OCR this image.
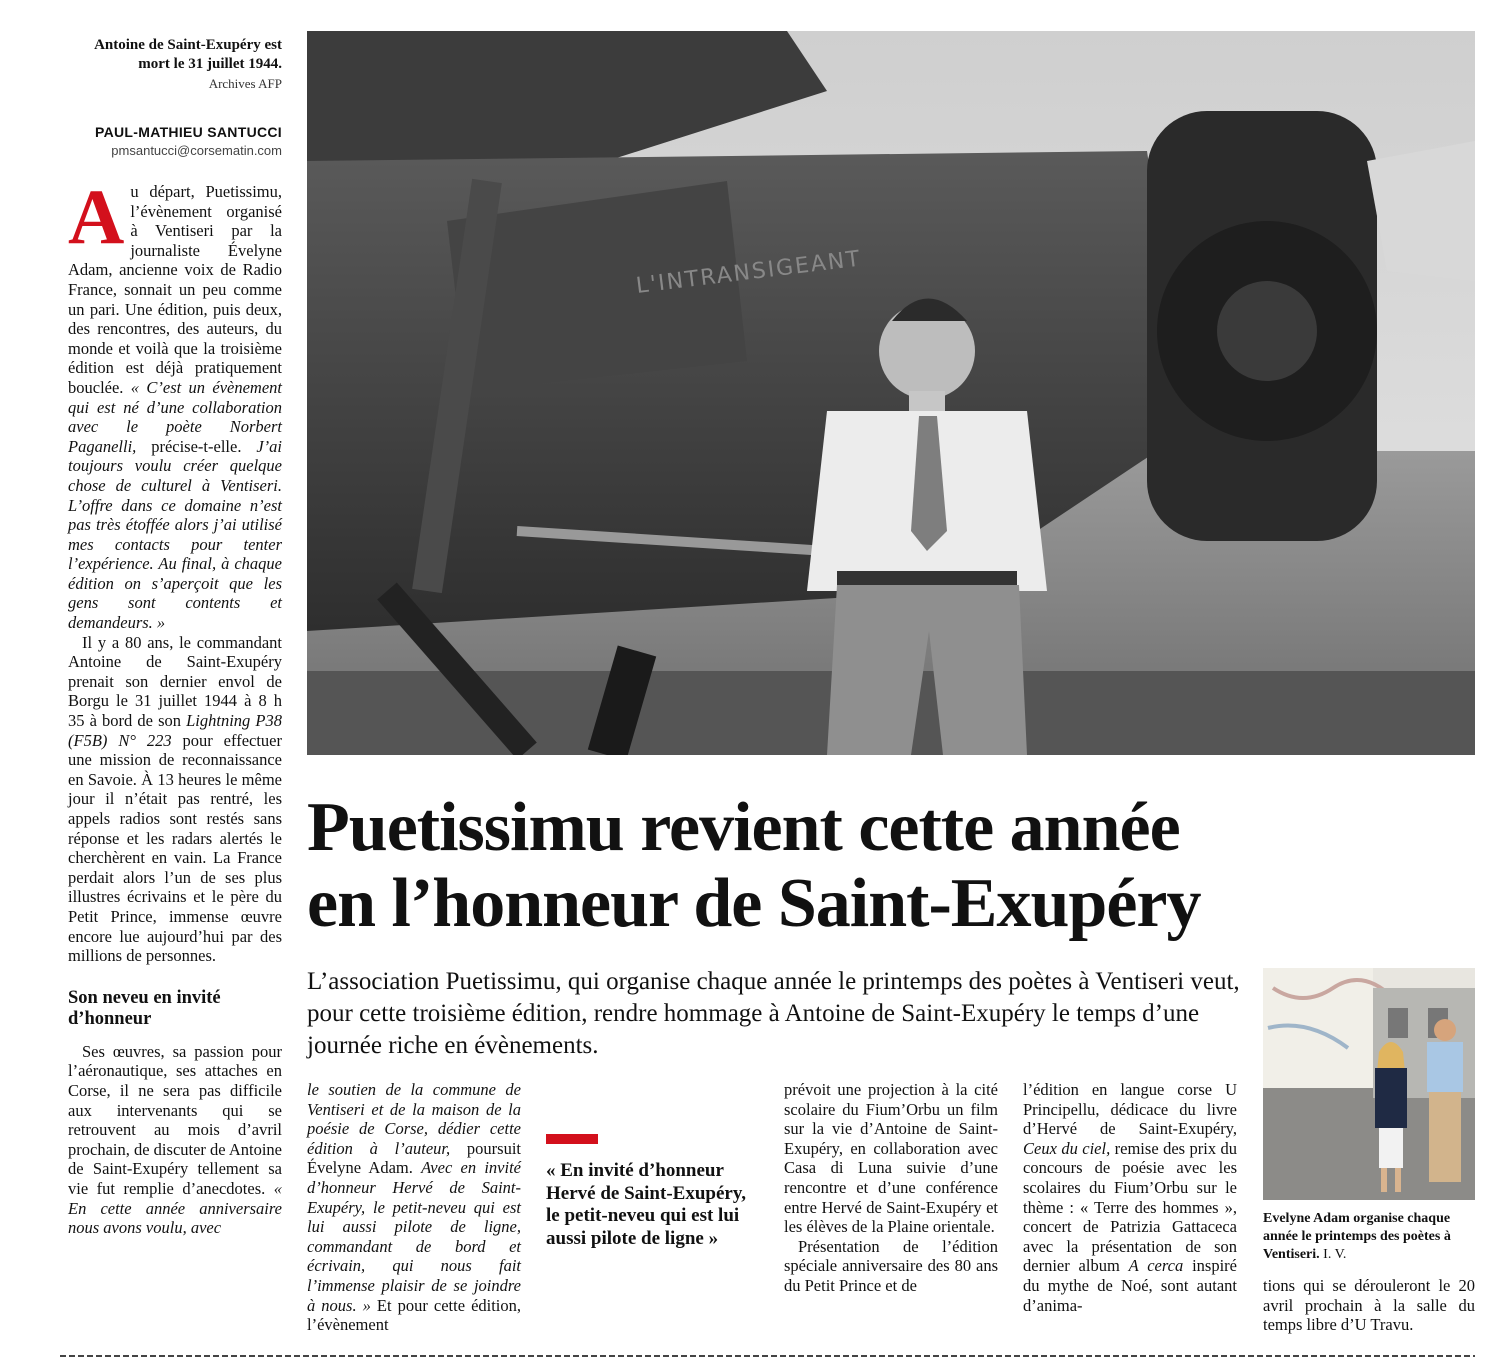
Antoine de Saint-Exupéry est
mort le 31 juillet 1944.
Archives AFP
PAUL-MATHIEU SANTUCCI
pmsantucci@corsematin.com

Au départ, Puetissimu, l’évènement organisé à Ventiseri par la journaliste Évelyne Adam, ancienne voix de Radio France, sonnait un peu comme un pari. Une édition, puis deux, des rencontres, des auteurs, du monde et voilà que la troisième édition est déjà pratiquement bouclée. « C’est un évènement qui est né d’une collaboration avec le poète Norbert Paganelli, précise-t-elle. J’ai toujours voulu créer quelque chose de culturel à Ventiseri. L’offre dans ce domaine n’est pas très étoffée alors j’ai utilisé mes contacts pour tenter l’expérience. Au final, à chaque édition on s’aperçoit que les gens sont contents et demandeurs. »

Il y a 80 ans, le commandant Antoine de Saint-Exupéry prenait son dernier envol de Borgu le 31 juillet 1944 à 8 h 35 à bord de son Lightning P38 (F5B) N° 223 pour effectuer une mission de reconnaissance en Savoie. À 13 heures le même jour il n’était pas rentré, les appels radios sont restés sans réponse et les radars alertés le cherchèrent en vain. La France perdait alors l’un de ses plus illustres écrivains et le père du Petit Prince, immense œuvre encore lue aujourd’hui par des millions de personnes.

Son neveu en invité d’honneur

Ses œuvres, sa passion pour l’aéronautique, ses attaches en Corse, il ne sera pas difficile aux intervenants qui se retrouvent au mois d’avril prochain, de discuter de Antoine de Saint-Exupéry tellement sa vie fut remplie d’anecdotes. « En cette année anniversaire nous avons voulu, avec

L'INTRANSIGEANT
Puetissimu revient cette année
en l’honneur de Saint-Exupéry

L’association Puetissimu, qui organise chaque année le printemps des poètes à Ventiseri veut, pour cette troisième édition, rendre hommage à Antoine de Saint-Exupéry le temps d’une journée riche en évènements.

le soutien de la commune de Ventiseri et de la maison de la poésie de Corse, dédier cette édition à l’auteur, poursuit Évelyne Adam. Avec en invité d’honneur Hervé de Saint-Exupéry, le petit-neveu qui est lui aussi pilote de ligne, commandant de bord et écrivain, qui nous fait l’immense plaisir de se joindre à nous. » Et pour cette édition, l’évènement

« En invité d’honneur Hervé de Saint-Exupéry, le petit-neveu qui est lui aussi pilote de ligne »

prévoit une projection à la cité scolaire du Fium’Orbu un film sur la vie d’Antoine de Saint-Exupéry, en collaboration avec Casa di Luna suivie d’une rencontre et d’une conférence entre Hervé de Saint-Exupéry et les élèves de la Plaine orientale.

Présentation de l’édition spéciale anniversaire des 80 ans du Petit Prince et de

l’édition en langue corse U Principellu, dédicace du livre d’Hervé de Saint-Exupéry, Ceux du ciel, remise des prix du concours de poésie avec les scolaires du Fium’Orbu sur le thème : « Terre des hommes », concert de Patrizia Gattaceca avec la présentation de son dernier album A cerca inspiré du mythe de Noé, sont autant d’anima-

Evelyne Adam organise chaque année le printemps des poètes à Ventiseri. I. V.

tions qui se dérouleront le 20 avril prochain à la salle du temps libre d’U Travu.
